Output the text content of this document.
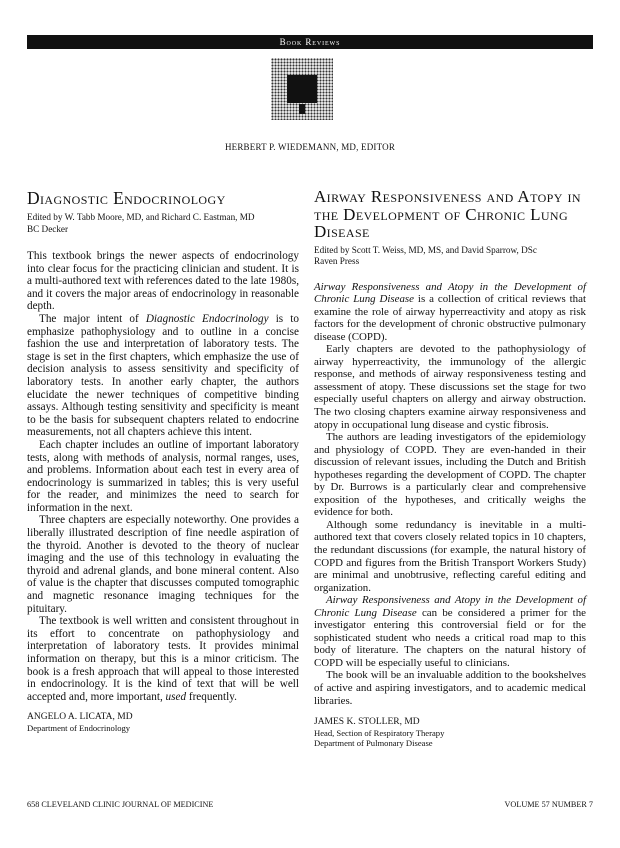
Book Reviews
HERBERT P. WIEDEMANN, MD, EDITOR
Diagnostic Endocrinology
Edited by W. Tabb Moore, MD, and Richard C. Eastman, MD
BC Decker

This textbook brings the newer aspects of endocrinology into clear focus for the practicing clinician and student. It is a multi-authored text with references dated to the late 1980s, and it covers the major areas of endocrinology in reasonable depth.

The major intent of Diagnostic Endocrinology is to emphasize pathophysiology and to outline in a concise fashion the use and interpretation of laboratory tests. The stage is set in the first chapters, which emphasize the use of decision analysis to assess sensitivity and specificity of laboratory tests. In another early chapter, the authors elucidate the newer techniques of competitive binding assays. Although testing sensitivity and specificity is meant to be the basis for subsequent chapters related to endocrine measurements, not all chapters achieve this intent.

Each chapter includes an outline of important laboratory tests, along with methods of analysis, normal ranges, uses, and problems. Information about each test in every area of endocrinology is summarized in tables; this is very useful for the reader, and minimizes the need to search for information in the next.

Three chapters are especially noteworthy. One provides a liberally illustrated description of fine needle aspiration of the thyroid. Another is devoted to the theory of nuclear imaging and the use of this technology in evaluating the thyroid and adrenal glands, and bone mineral content. Also of value is the chapter that discusses computed tomographic and magnetic resonance imaging techniques for the pituitary.

The textbook is well written and consistent throughout in its effort to concentrate on pathophysiology and interpretation of laboratory tests. It provides minimal information on therapy, but this is a minor criticism. The book is a fresh approach that will appeal to those interested in endocrinology. It is the kind of text that will be well accepted and, more important, used frequently.

ANGELO A. LICATA, MD
Department of Endocrinology
Airway Responsiveness and Atopy in the Development of Chronic Lung Disease
Edited by Scott T. Weiss, MD, MS, and David Sparrow, DSc
Raven Press

Airway Responsiveness and Atopy in the Development of Chronic Lung Disease is a collection of critical reviews that examine the role of airway hyperreactivity and atopy as risk factors for the development of chronic obstructive pulmonary disease (COPD).

Early chapters are devoted to the pathophysiology of airway hyperreactivity, the immunology of the allergic response, and methods of airway responsiveness testing and assessment of atopy. These discussions set the stage for two especially useful chapters on allergy and airway obstruction. The two closing chapters examine airway responsiveness and atopy in occupational lung disease and cystic fibrosis.

The authors are leading investigators of the epidemiology and physiology of COPD. They are even-handed in their discussion of relevant issues, including the Dutch and British hypotheses regarding the development of COPD. The chapter by Dr. Burrows is a particularly clear and comprehensive exposition of the hypotheses, and critically weighs the evidence for both.

Although some redundancy is inevitable in a multi-authored text that covers closely related topics in 10 chapters, the redundant discussions (for example, the natural history of COPD and figures from the British Transport Workers Study) are minimal and unobtrusive, reflecting careful editing and organization.

Airway Responsiveness and Atopy in the Development of Chronic Lung Disease can be considered a primer for the investigator entering this controversial field or for the sophisticated student who needs a critical road map to this body of literature. The chapters on the natural history of COPD will be especially useful to clinicians.

The book will be an invaluable addition to the bookshelves of active and aspiring investigators, and to academic medical libraries.

JAMES K. STOLLER, MD
Head, Section of Respiratory Therapy
Department of Pulmonary Disease
658 CLEVELAND CLINIC JOURNAL OF MEDICINE	VOLUME 57 NUMBER 7
